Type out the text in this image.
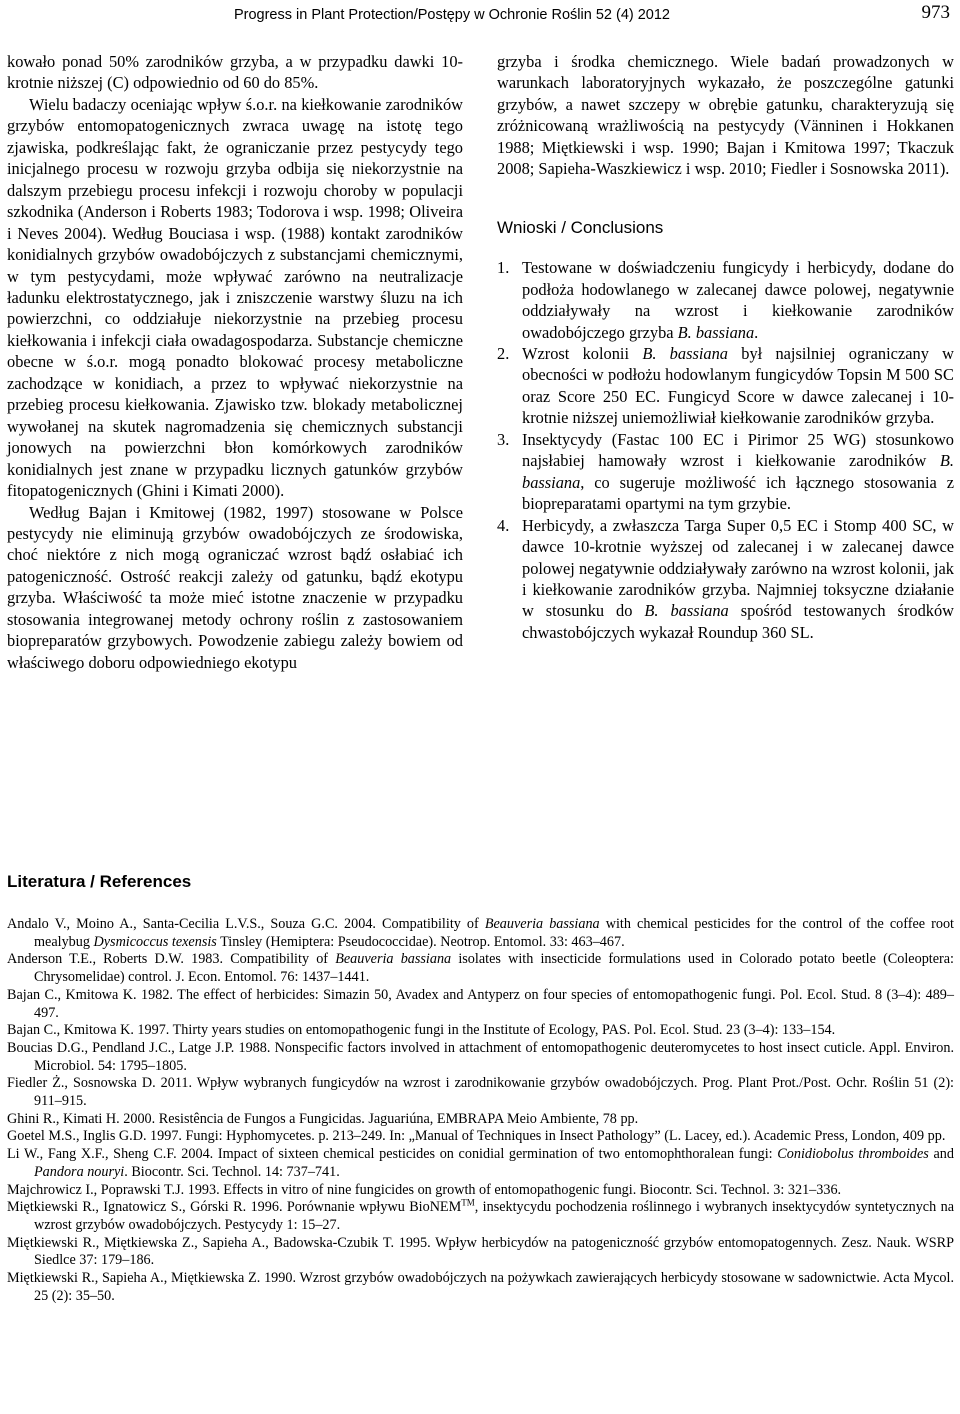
Progress in Plant Protection/Postępy w Ochronie Roślin 52 (4) 2012	973

kowało ponad 50% zarodników grzyba, a w przypadku dawki 10-krotnie niższej (C) odpowiednio od 60 do 85%.

Wielu badaczy oceniając wpływ ś.o.r. na kiełkowanie zarodników grzybów entomopatogenicznych zwraca uwagę na istotę tego zjawiska, podkreślając fakt, że ograniczanie przez pestycydy tego inicjalnego procesu w rozwoju grzyba odbija się niekorzystnie na dalszym przebiegu procesu infekcji i rozwoju choroby w populacji szkodnika (Anderson i Roberts 1983; Todorova i wsp. 1998; Oliveira i Neves 2004). Według Bouciasa i wsp. (1988) kontakt zarodników konidialnych grzybów owadobójczych z substancjami chemicznymi, w tym pestycydami, może wpływać zarówno na neutralizacje ładunku elektrostatycznego, jak i zniszczenie warstwy śluzu na ich powierzchni, co oddziałuje niekorzystnie na przebieg procesu kiełkowania i infekcji ciała owadagospodarza. Substancje chemiczne obecne w ś.o.r. mogą ponadto blokować procesy metaboliczne zachodzące w konidiach, a przez to wpływać niekorzystnie na przebieg procesu kiełkowania. Zjawisko tzw. blokady metabolicznej wywołanej na skutek nagromadzenia się chemicznych substancji jonowych na powierzchni błon komórkowych zarodników konidialnych jest znane w przypadku licznych gatunków grzybów fitopatogenicznych (Ghini i Kimati 2000).

Według Bajan i Kmitowej (1982, 1997) stosowane w Polsce pestycydy nie eliminują grzybów owadobójczych ze środowiska, choć niektóre z nich mogą ograniczać wzrost bądź osłabiać ich patogeniczność. Ostrość reakcji zależy od gatunku, bądź ekotypu grzyba. Właściwość ta może mieć istotne znaczenie w przypadku stosowania integrowanej metody ochrony roślin z zastosowaniem biopreparatów grzybowych. Powodzenie zabiegu zależy bowiem od właściwego doboru odpowiedniego ekotypu

grzyba i środka chemicznego. Wiele badań prowadzonych w warunkach laboratoryjnych wykazało, że poszczególne gatunki grzybów, a nawet szczepy w obrębie gatunku, charakteryzują się zróżnicowaną wrażliwością na pestycydy (Vänninen i Hokkanen 1988; Miętkiewski i wsp. 1990; Bajan i Kmitowa 1997; Tkaczuk 2008; Sapieha-Waszkiewicz i wsp. 2010; Fiedler i Sosnowska 2011).

Wnioski / Conclusions
1. Testowane w doświadczeniu fungicydy i herbicydy, dodane do podłoża hodowlanego w zalecanej dawce polowej, negatywnie oddziaływały na wzrost i kiełkowanie zarodników owadobójczego grzyba B. bassiana.
2. Wzrost kolonii B. bassiana był najsilniej ograniczany w obecności w podłożu hodowlanym fungicydów Topsin M 500 SC oraz Score 250 EC. Fungicyd Score w dawce zalecanej i 10-krotnie niższej uniemożliwiał kiełkowanie zarodników grzyba.
3. Insektycydy (Fastac 100 EC i Pirimor 25 WG) stosunkowo najsłabiej hamowały wzrost i kiełkowanie zarodników B. bassiana, co sugeruje możliwość ich łącznego stosowania z biopreparatami opartymi na tym grzybie.
4. Herbicydy, a zwłaszcza Targa Super 0,5 EC i Stomp 400 SC, w dawce 10-krotnie wyższej od zalecanej i w zalecanej dawce polowej negatywnie oddziaływały zarówno na wzrost kolonii, jak i kiełkowanie zarodników grzyba. Najmniej toksyczne działanie w stosunku do B. bassiana spośród testowanych środków chwastobójczych wykazał Roundup 360 SL.
Literatura / References

Andalo V., Moino A., Santa-Cecilia L.V.S., Souza G.C. 2004. Compatibility of Beauveria bassiana with chemical pesticides for the control of the coffee root mealybug Dysmicoccus texensis Tinsley (Hemiptera: Pseudococcidae). Neotrop. Entomol. 33: 463–467.

Anderson T.E., Roberts D.W. 1983. Compatibility of Beauveria bassiana isolates with insecticide formulations used in Colorado potato beetle (Coleoptera: Chrysomelidae) control. J. Econ. Entomol. 76: 1437–1441.

Bajan C., Kmitowa K. 1982. The effect of herbicides: Simazin 50, Avadex and Antyperz on four species of entomopathogenic fungi. Pol. Ecol. Stud. 8 (3–4): 489–497.

Bajan C., Kmitowa K. 1997. Thirty years studies on entomopathogenic fungi in the Institute of Ecology, PAS. Pol. Ecol. Stud. 23 (3–4): 133–154.

Boucias D.G., Pendland J.C., Latge J.P. 1988. Nonspecific factors involved in attachment of entomopathogenic deuteromycetes to host insect cuticle. Appl. Environ. Microbiol. 54: 1795–1805.

Fiedler Ż., Sosnowska D. 2011. Wpływ wybranych fungicydów na wzrost i zarodnikowanie grzybów owadobójczych. Prog. Plant Prot./Post. Ochr. Roślin 51 (2): 911–915.

Ghini R., Kimati H. 2000. Resistência de Fungos a Fungicidas. Jaguariúna, EMBRAPA Meio Ambiente, 78 pp.

Goetel M.S., Inglis G.D. 1997. Fungi: Hyphomycetes. p. 213–249. In: „Manual of Techniques in Insect Pathology” (L. Lacey, ed.). Academic Press, London, 409 pp.

Li W., Fang X.F., Sheng C.F. 2004. Impact of sixteen chemical pesticides on conidial germination of two entomophthoralean fungi: Conidiobolus thromboides and Pandora nouryi. Biocontr. Sci. Technol. 14: 737–741.

Majchrowicz I., Poprawski T.J. 1993. Effects in vitro of nine fungicides on growth of entomopathogenic fungi. Biocontr. Sci. Technol. 3: 321–336.

Miętkiewski R., Ignatowicz S., Górski R. 1996. Porównanie wpływu BioNEM™, insektycydu pochodzenia roślinnego i wybranych insektycydów syntetycznych na wzrost grzybów owadobójczych. Pestycydy 1: 15–27.

Miętkiewski R., Miętkiewska Z., Sapieha A., Badowska-Czubik T. 1995. Wpływ herbicydów na patogeniczność grzybów entomopatogennych. Zesz. Nauk. WSRP Siedlce 37: 179–186.

Miętkiewski R., Sapieha A., Miętkiewska Z. 1990. Wzrost grzybów owadobójczych na pożywkach zawierających herbicydy stosowane w sadownictwie. Acta Mycol. 25 (2): 35–50.
